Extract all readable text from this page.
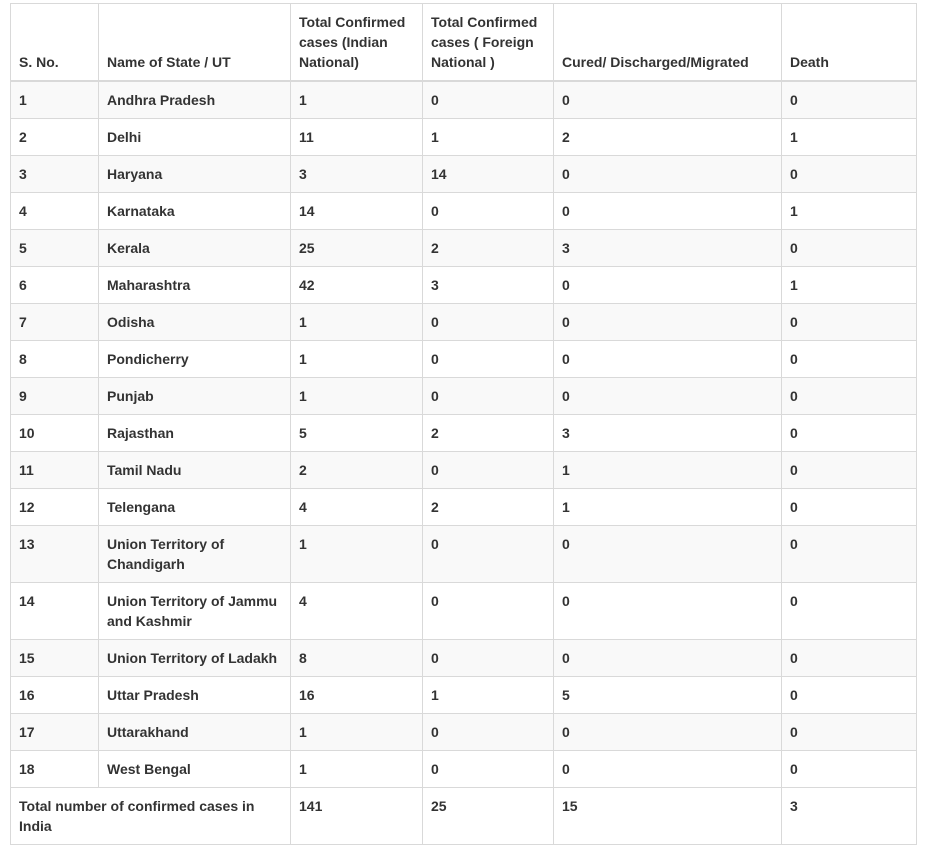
S. No.	Name of State / UT	Total Confirmed cases (Indian National)	Total Confirmed cases ( Foreign National )	Cured/ Discharged/Migrated	Death
1	Andhra Pradesh	1	0	0	0
2	Delhi	11	1	2	1
3	Haryana	3	14	0	0
4	Karnataka	14	0	0	1
5	Kerala	25	2	3	0
6	Maharashtra	42	3	0	1
7	Odisha	1	0	0	0
8	Pondicherry	1	0	0	0
9	Punjab	1	0	0	0
10	Rajasthan	5	2	3	0
11	Tamil Nadu	2	0	1	0
12	Telengana	4	2	1	0
13	Union Territory of Chandigarh	1	0	0	0
14	Union Territory of Jammu and Kashmir	4	0	0	0
15	Union Territory of Ladakh	8	0	0	0
16	Uttar Pradesh	16	1	5	0
17	Uttarakhand	1	0	0	0
18	West Bengal	1	0	0	0
Total number of confirmed cases in India		141	25	15	3
